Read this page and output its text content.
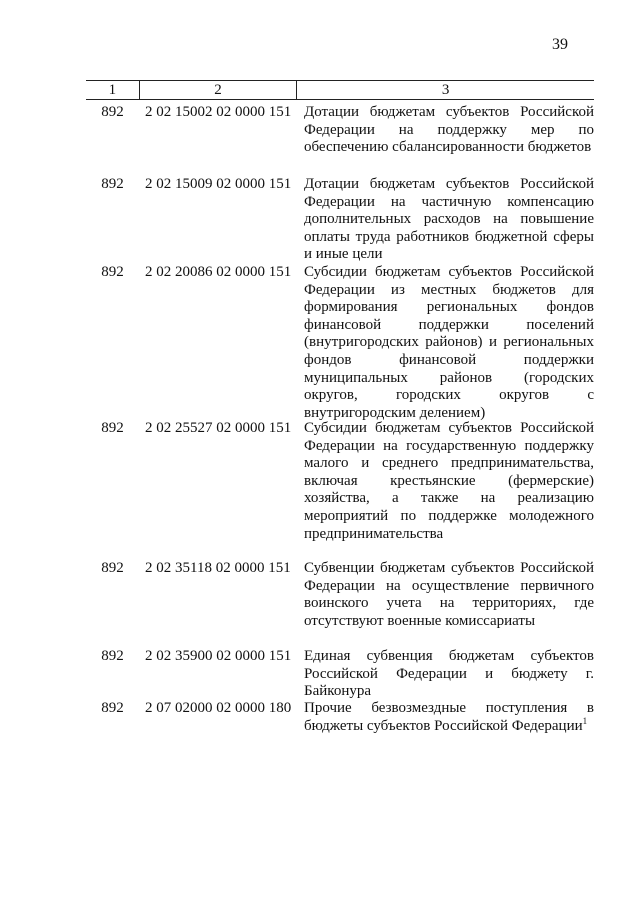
39
1	2	3
892	2 02 15002 02 0000 151 Дотации бюджетам субъектов Российской Федерации на поддержку мер по обеспечению сбалансированности бюджетов
892	2 02 15009 02 0000 151 Дотации бюджетам субъектов Российской Федерации на частичную компенсацию дополнительных расходов на повышение оплаты труда работников бюджетной сферы и иные цели
892	2 02 20086 02 0000 151 Субсидии бюджетам субъектов Российской Федерации из местных бюджетов для формирования региональных фондов финансовой поддержки поселений (внутригородских районов) и региональных фондов финансовой поддержки муниципальных районов (городских округов, городских округов с внутригородским делением)
892	2 02 25527 02 0000 151 Субсидии бюджетам субъектов Российской Федерации на государственную поддержку малого и среднего предпринимательства, включая крестьянские (фермерские) хозяйства, а также на реализацию мероприятий по поддержке молодежного предпринимательства
892	2 02 35118 02 0000 151 Субвенции бюджетам субъектов Российской Федерации на осуществление первичного воинского учета на территориях, где отсутствуют военные комиссариаты
892	2 02 35900 02 0000 151 Единая субвенция бюджетам субъектов Российской Федерации и бюджету г. Байконура
892	2 07 02000 02 0000 180 Прочие безвозмездные поступления в бюджеты субъектов Российской Федерации$^1$
